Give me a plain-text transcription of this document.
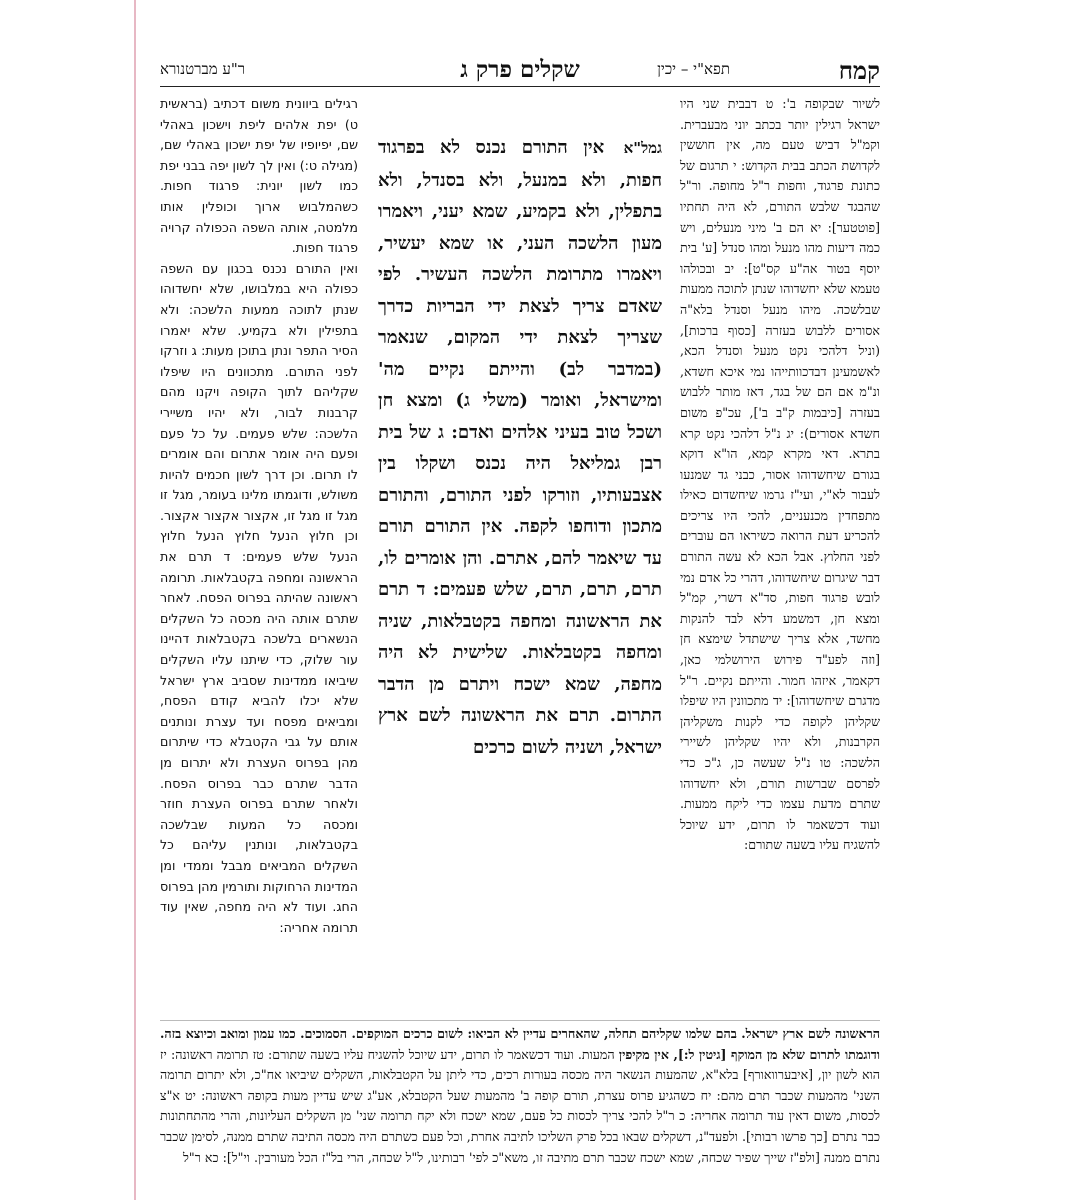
קמח
תפא"י – יכין
שקלים פרק ג
ר"ע מברטנורא
לשיור שבקופה ב': ט דבבית שני היו ישראל רגילין יותר בכתב יוני מבעברית. וקמ"ל דביש טעם מה, אין חוששין לקדושת הכתב בבית הקדוש: י תרגום של כתונת פרגוד, וחפות ר"ל מחופה. ור"ל שהבגד שלבש התורם, לא היה תחתיו [פוטטער]: יא הם ב' מיני מנעלים, ויש כמה דיעות מהו מנעל ומהו סנדל [ע' בית יוסף בטור אה"ע קס"ט]: יב ובכולהו טעמא שלא יחשדוהו שנתן לתוכה ממעות שבלשכה. מיהו מנעל וסנדל בלא"ה אסורים ללבוש בעזרה [כסוף ברכות], (וניל דלהכי נקט מנעל וסנדל הכא, לאשמעינן דבדכוותייהו נמי איכא חשדא, ונ"מ אם הם של בגד, דאז מותר ללבוש בעזרה [כיבמות ק"ב ב'], עכ"פ משום חשדא אסורים): יג נ"ל דלהכי נקט קרא בתרא. דאי מקרא קמא, הו"א דוקא בגורם שיחשדוהו אסור, כבני גד שמנעו לעבור לא"י, ועי"ז גרמו שיחשדום כאילו מתפחדין מכנעניים, להכי היו צריכים להכריע דעת הרואה כשיראו הם עוברים לפני החלוץ. אבל הכא לא עשה התורם דבר שיגרום שיחשדוהו, דהרי כל אדם נמי לובש פרגוד חפות, סד"א דשרי, קמ"ל ומצא חן, דמשמע דלא לבד להנקות מחשד, אלא צריך שישתדל שימצא חן [וזה לפע"ד פירוש הירושלמי כאן, דקאמר, איזהו חמור. והייתם נקיים. ר"ל מדגרם שיחשדוהו]: יד מתכוונין היו שיפלו שקליהן לקופה כדי לקנות משקליהן הקרבנות, ולא יהיו שקליהן לשיירי הלשכה: טו נ"ל שעשה כן, ג"כ כדי לפרסם שברשות תורם, ולא יחשדוהו שתרם מדעת עצמו כדי ליקח ממעות. ועוד דכשאמר לו תרום, ידע שיוכל להשגיח עליו בשעה שתורם:
רגילים ביוונית משום דכתיב (בראשית ט) יפת אלהים ליפת וישכון באהלי שם, יפיופיו של יפת ישכון באהלי שם, (מגילה ט:) ואין לך לשון יפה בבני יפת כמו לשון יונית: פרגוד חפות. כשהמלבוש ארוך וכופלין אותו מלמטה, אותה השפה הכפולה קרויה פרגוד חפות.
ואין התורם נכנס בכגון עם השפה כפולה היא במלבושו, שלא יחשדוהו שנתן לתוכה ממעות הלשכה: ולא בתפילין ולא בקמיע. שלא יאמרו הסיר התפר ונתן בתוכן מעות: ג וזרקו לפני התורם. מתכוונים היו שיפלו שקליהם לתוך הקופה ויקנו מהם קרבנות לבור, ולא יהיו משיירי הלשכה: שלש פעמים. על כל פעם ופעם היה אומר אתרום והם אומרים לו תרום. וכן דרך לשון חכמים להיות משולש, ודוגמתו מלינו בעומר, מגל זו מגל זו מגל זו, אקצור אקצור אקצור. וכן חלוץ הנעל חלוץ הנעל חלוץ הנעל שלש פעמים: ד תרם את הראשונה ומחפה בקטבלאות. תרומה ראשונה שהיתה בפרוס הפסח. לאחר שתרם אותה היה מכסה כל השקלים הנשארים בלשכה בקטבלאות דהיינו עור שלוק, כדי שיתנו עליו השקלים שיביאו ממדינות שסביב ארץ ישראל שלא יכלו להביא קודם הפסח, ומביאים מפסח ועד עצרת ונותנים אותם על גבי הקטבלא כדי שיתרום מהן בפרוס העצרת ולא יתרום מן הדבר שתרם כבר בפרוס הפסח. ולאחר שתרם בפרוס העצרת חוזר ומכסה כל המעות שבלשכה בקטבלאות, ונותנין עליהם כל השקלים המביאים מבבל וממדי ומן המדינות הרחוקות ותורמין מהן בפרוס החג. ועוד לא היה מחפה, שאין עוד תרומה אחריה:
גמל"א אין התורם נכנס לא בפרגוד חפות, ולא במנעל, ולא בסנדל, ולא בתפלין, ולא בקמיע, שמא יעני, ויאמרו מעון הלשכה העני, או שמא יעשיר, ויאמרו מתרומת הלשכה העשיר. לפי שאדם צריך לצאת ידי הבריות כדרך שצריך לצאת ידי המקום, שנאמר (במדבר לב) והייתם נקיים מה' ומישראל, ואומר (משלי ג) ומצא חן ושכל טוב בעיני אלהים ואדם: ג של בית רבן גמליאל היה נכנס ושקלו בין אצבעותיו, וזורקו לפני התורם, והתורם מתכון ודוחפו לקפה. אין התורם תורם עד שיאמר להם, אתרם. והן אומרים לו, תרם, תרם, תרם, שלש פעמים: ד תרם את הראשונה ומחפה בקטבלאות, שניה ומחפה בקטבלאות. שלישית לא היה מחפה, שמא ישכח ויתרם מן הדבר התרום. תרם את הראשונה לשם ארץ ישראל, ושניה לשום כרכים
הראשונה לשם ארץ ישראל. בהם שלמו שקליהם תחלה, שהאחרים עדיין לא הביאו: לשום כרכים המוקפים. הסמוכים. כמו עמון ומואב וכיוצא בזה. ודוגמתו לתרום שלא מן המוקף [גיטין ל:], אין מקיפין המעות. ועוד דכשאמר לו תרום, ידע שיוכל להשגיח עליו בשעה שתורם: טז תרומה ראשונה: יז הוא לשון יון, [איבערוואורף] בלא"א, שהמעות הנשאר היה מכסה בעורות רכים, כדי ליתן על הקטבלאות, השקלים שיביאו אח"כ, ולא יתרום תרומה השני' מהמעות שכבר תרם מהם: יח כשהגיע פרוס עצרת, תורם קופה ב' מהמעות שעל הקטבלא, אע"ג שיש עדיין מעות בקופה ראשונה: יט א"צ לכסות, משום דאין עוד תרומה אחריה: כ ר"ל להכי צריך לכסות כל פעם, שמא ישכח ולא יקח תרומה שני' מן השקלים העליונות, והרי מהתחתונות כבר נתרם [כך פרשו רבותי]. ולפעד"נ, דשקלים שבאו בכל פרק השליכו לתיבה אחרת, וכל פעם כשתרם היה מכסה התיבה שתרם ממנה, לסימן שכבר נתרם ממנה [ולפ"ז שייך שפיר שכחה, שמא ישכח שכבר תרם מתיבה זו, משא"כ לפי' רבותינו, ל"ל שכחה, הרי בל"ז הכל מעורבין. וי"ל]: כא ר"ל
